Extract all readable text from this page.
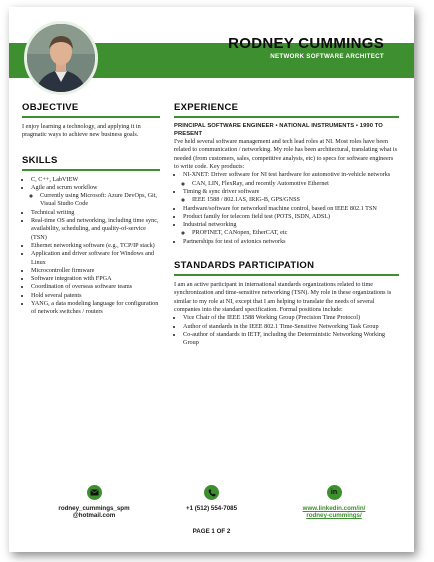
RODNEY CUMMINGS

NETWORK SOFTWARE ARCHITECT

OBJECTIVE

I enjoy learning a technology, and applying it in pragmatic ways to achieve new business goals.

SKILLS
• C, C++, LabVIEW
• Agile and scrum workflow
◦ Currently using Microsoft: Azure DevOps, Git, Visual Studio Code
• Technical writing
• Real-time OS and networking, including time sync, availability, scheduling, and quality-of-service (TSN)
• Ethernet networking software (e.g., TCP/IP stack)
• Application and driver software for Windows and Linux
• Microcontroller firmware
• Software integration with FPGA
• Coordination of overseas software teams
• Hold several patents
• YANG, a data modeling language for configuration of network switches / routers
EXPERIENCE

PRINCIPAL SOFTWARE ENGINEER • NATIONAL INSTRUMENTS • 1990 TO PRESENT

I've held several software management and tech lead roles at NI. Most roles have been related to communication / networking. My role has been architectural, translating what is needed (from customers, sales, competitive analysis, etc) to specs for software engineers to write code. Key products:

• NI-XNET: Driver software for NI test hardware for automotive in-vehicle networks
◦ CAN, LIN, FlexRay, and recently Automotive Ethernet
• Timing & sync driver software
◦ IEEE 1588 / 802.1AS, IRIG-B, GPS/GNSS
• Hardware/software for networked machine control, based on IEEE 802.1 TSN
• Product family for telecom field test (POTS, ISDN, ADSL)
• Industrial networking
◦ PROFINET, CANopen, EtherCAT, etc
• Partnerships for test of avionics networks
STANDARDS PARTICIPATION

I am an active participant in international standards organizations related to time synchronization and time-sensitive networking (TSN). My role in these organizations is similar to my role at NI, except that I am helping to translate the needs of several companies into the standard specification. Formal positions include:

• Vice Chair of the IEEE 1588 Working Group (Precision Time Protocol)
• Author of standards in the IEEE 802.1 Time-Sensitive Networking Task Group
• Co-author of standards in IETF, including the Deterministic Networking Working Group
rodney_cummings_spm
@hotmail.com
+1 (512) 554-7085
in
www.linkedin.com/in/
rodney-cummings/
PAGE 1 OF 2
